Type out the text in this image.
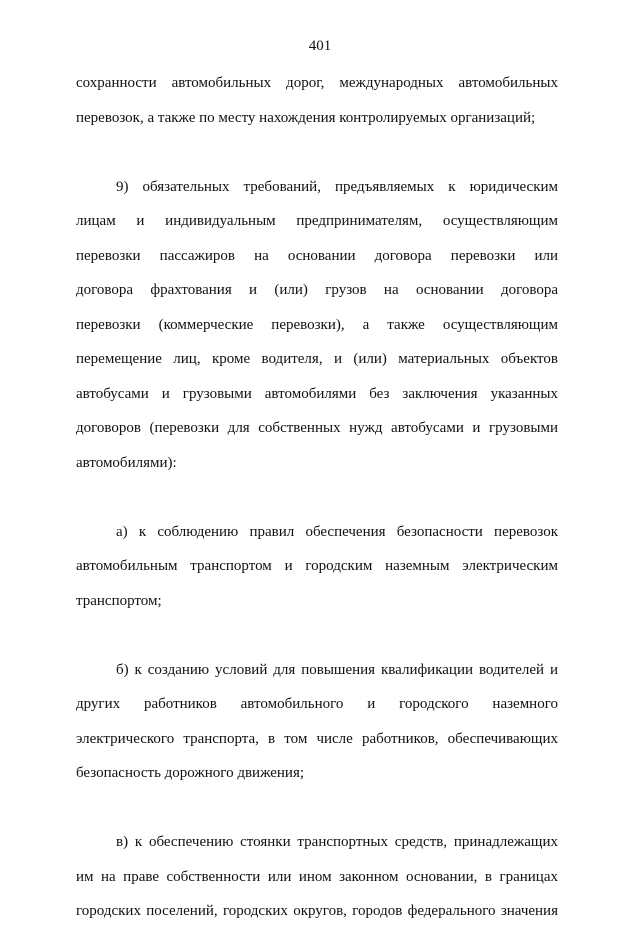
401
сохранности автомобильных дорог, международных автомобильных
перевозок, а также по месту нахождения контролируемых организаций;
9) обязательных требований, предъявляемых к юридическим
лицам и индивидуальным предпринимателям, осуществляющим
перевозки пассажиров на основании договора перевозки или
договора фрахтования и (или) грузов на основании договора
перевозки (коммерческие перевозки), а также осуществляющим
перемещение лиц, кроме водителя, и (или) материальных объектов
автобусами и грузовыми автомобилями без заключения указанных
договоров (перевозки для собственных нужд автобусами и грузовыми
автомобилями):
а) к соблюдению правил обеспечения безопасности перевозок
автомобильным транспортом и городским наземным электрическим
транспортом;
б) к созданию условий для повышения квалификации водителей и
других работников автомобильного и городского наземного
электрического транспорта, в том числе работников, обеспечивающих
безопасность дорожного движения;
в) к обеспечению стоянки транспортных средств, принадлежащих
им на праве собственности или ином законном основании, в границах
городских поселений, городских округов, городов федерального значения
